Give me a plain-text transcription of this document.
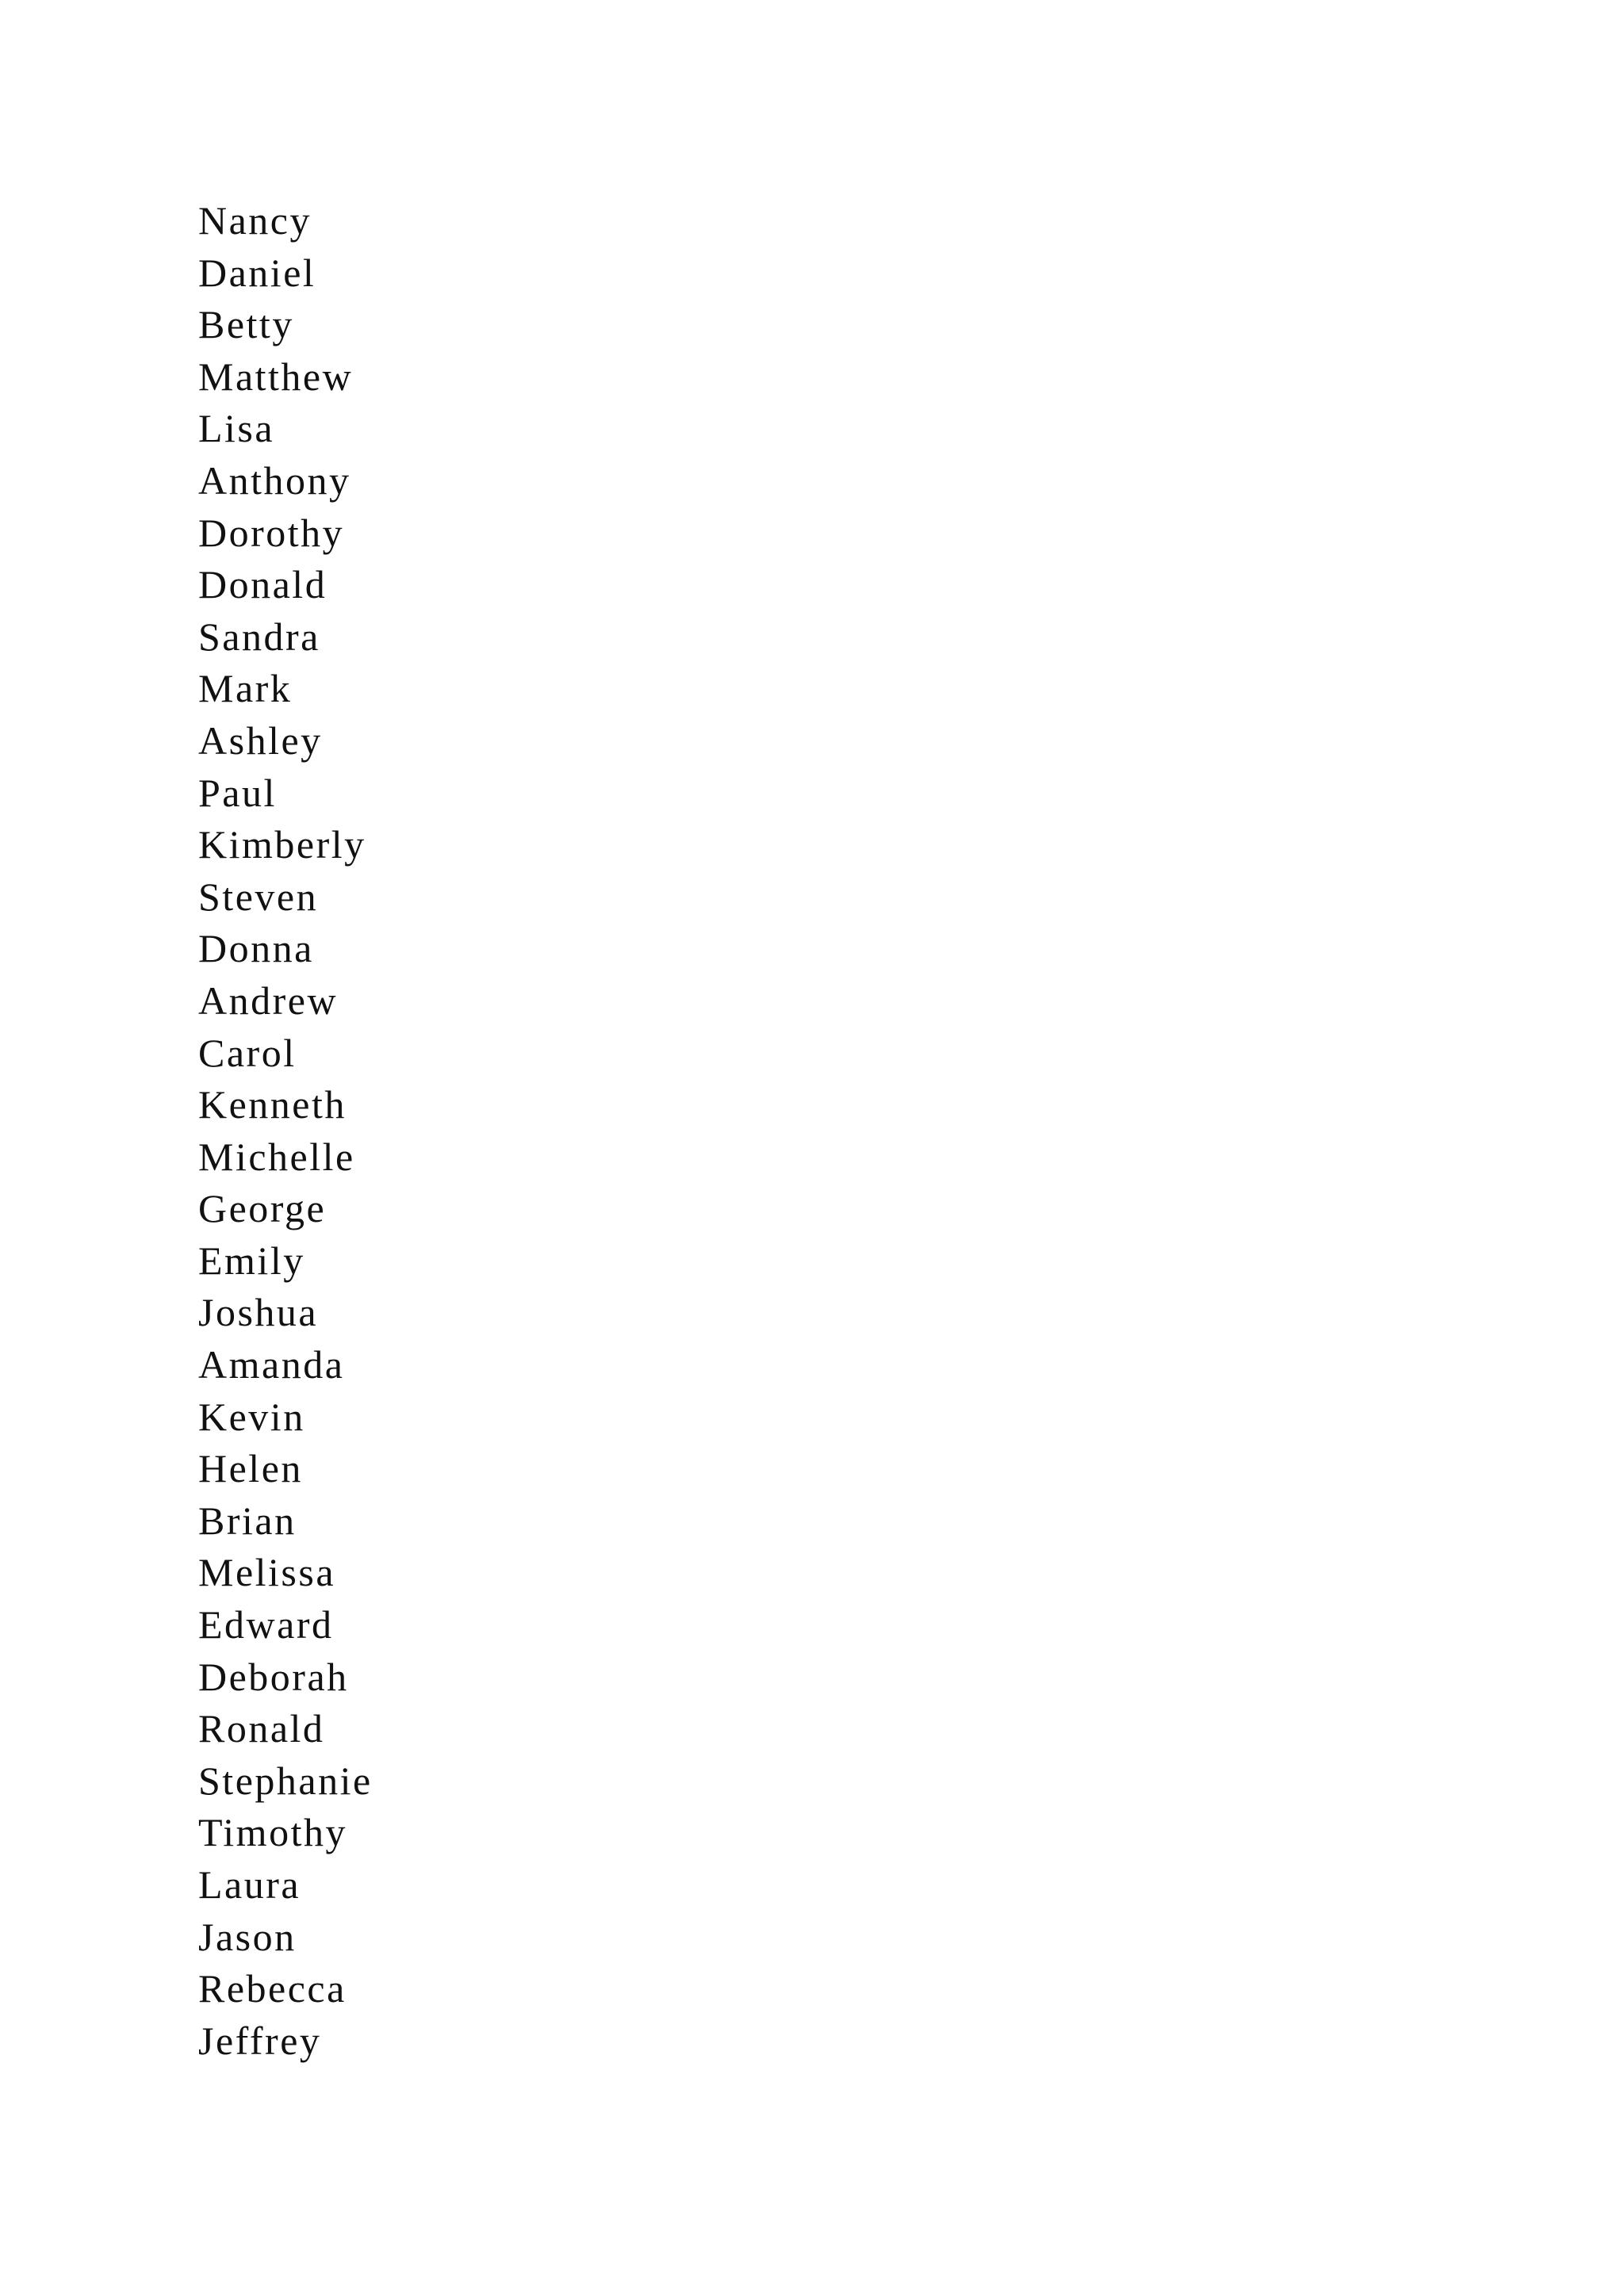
Nancy
Daniel
Betty
Matthew
Lisa
Anthony
Dorothy
Donald
Sandra
Mark
Ashley
Paul
Kimberly
Steven
Donna
Andrew
Carol
Kenneth
Michelle
George
Emily
Joshua
Amanda
Kevin
Helen
Brian
Melissa
Edward
Deborah
Ronald
Stephanie
Timothy
Laura
Jason
Rebecca
Jeffrey
